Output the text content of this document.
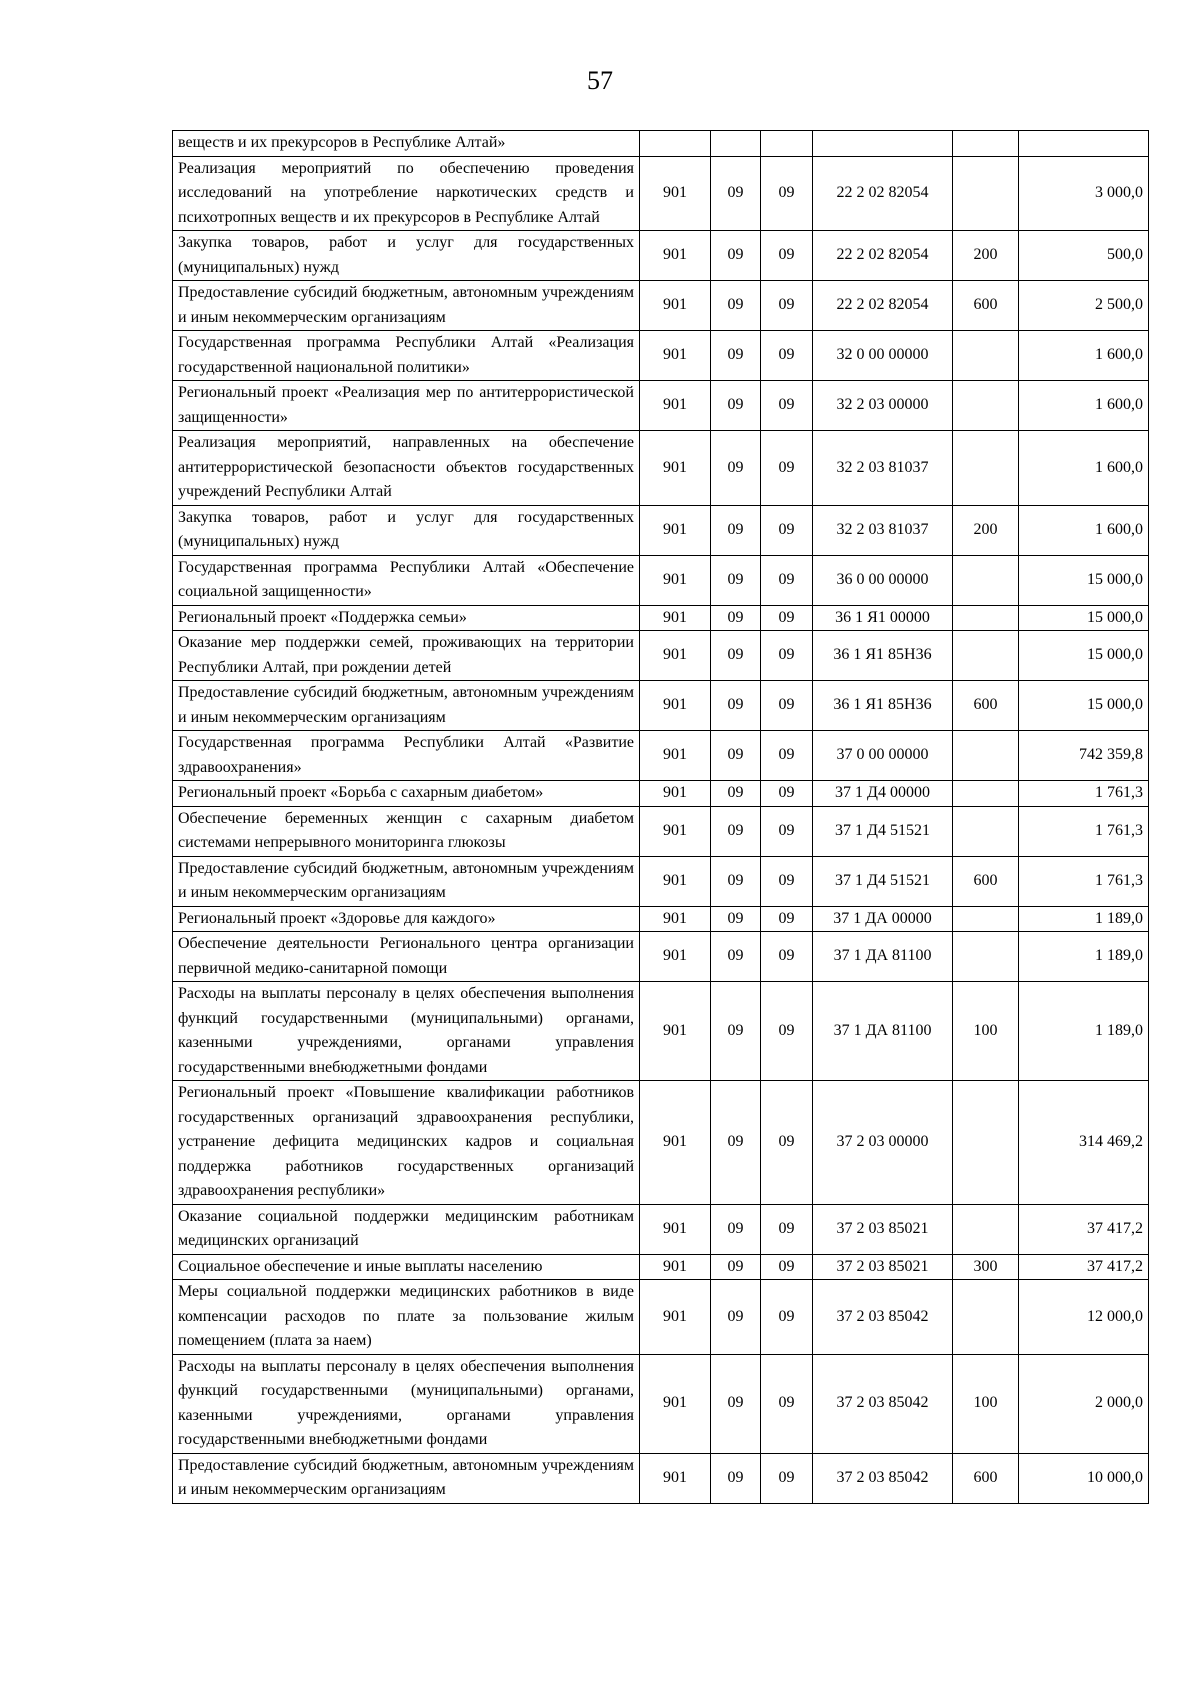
57
веществ и их прекурсоров в Республике Алтай»						
Реализация мероприятий по обеспечению проведения исследований на употребление наркотических средств и психотропных веществ и их прекурсоров в Республике Алтай	901	09	09	22 2 02 82054		3 000,0
Закупка товаров, работ и услуг для государственных (муниципальных) нужд	901	09	09	22 2 02 82054	200	500,0
Предоставление субсидий бюджетным, автономным учреждениям и иным некоммерческим организациям	901	09	09	22 2 02 82054	600	2 500,0
Государственная программа Республики Алтай «Реализация государственной национальной политики»	901	09	09	32 0 00 00000		1 600,0
Региональный проект «Реализация мер по антитеррористической защищенности»	901	09	09	32 2 03 00000		1 600,0
Реализация мероприятий, направленных на обеспечение антитеррористической безопасности объектов государственных учреждений Республики Алтай	901	09	09	32 2 03 81037		1 600,0
Закупка товаров, работ и услуг для государственных (муниципальных) нужд	901	09	09	32 2 03 81037	200	1 600,0
Государственная программа Республики Алтай «Обеспечение социальной защищенности»	901	09	09	36 0 00 00000		15 000,0
Региональный проект «Поддержка семьи»	901	09	09	36 1 Я1 00000		15 000,0
Оказание мер поддержки семей, проживающих на территории Республики Алтай, при рождении детей	901	09	09	36 1 Я1 85Н36		15 000,0
Предоставление субсидий бюджетным, автономным учреждениям и иным некоммерческим организациям	901	09	09	36 1 Я1 85Н36	600	15 000,0
Государственная программа Республики Алтай «Развитие здравоохранения»	901	09	09	37 0 00 00000		742 359,8
Региональный проект «Борьба с сахарным диабетом»	901	09	09	37 1 Д4 00000		1 761,3
Обеспечение беременных женщин с сахарным диабетом системами непрерывного мониторинга глюкозы	901	09	09	37 1 Д4 51521		1 761,3
Предоставление субсидий бюджетным, автономным учреждениям и иным некоммерческим организациям	901	09	09	37 1 Д4 51521	600	1 761,3
Региональный проект «Здоровье для каждого»	901	09	09	37 1 ДА 00000		1 189,0
Обеспечение деятельности Регионального центра организации первичной медико-санитарной помощи	901	09	09	37 1 ДА 81100		1 189,0
Расходы на выплаты персоналу в целях обеспечения выполнения функций государственными (муниципальными) органами, казенными учреждениями, органами управления государственными внебюджетными фондами	901	09	09	37 1 ДА 81100	100	1 189,0
Региональный проект «Повышение квалификации работников государственных организаций здравоохранения республики, устранение дефицита медицинских кадров и социальная поддержка работников государственных организаций здравоохранения республики»	901	09	09	37 2 03 00000		314 469,2
Оказание социальной поддержки медицинским работникам медицинских организаций	901	09	09	37 2 03 85021		37 417,2
Социальное обеспечение и иные выплаты населению	901	09	09	37 2 03 85021	300	37 417,2
Меры социальной поддержки медицинских работников в виде компенсации расходов по плате за пользование жилым помещением (плата за наем)	901	09	09	37 2 03 85042		12 000,0
Расходы на выплаты персоналу в целях обеспечения выполнения функций государственными (муниципальными) органами, казенными учреждениями, органами управления государственными внебюджетными фондами	901	09	09	37 2 03 85042	100	2 000,0
Предоставление субсидий бюджетным, автономным учреждениям и иным некоммерческим организациям	901	09	09	37 2 03 85042	600	10 000,0
